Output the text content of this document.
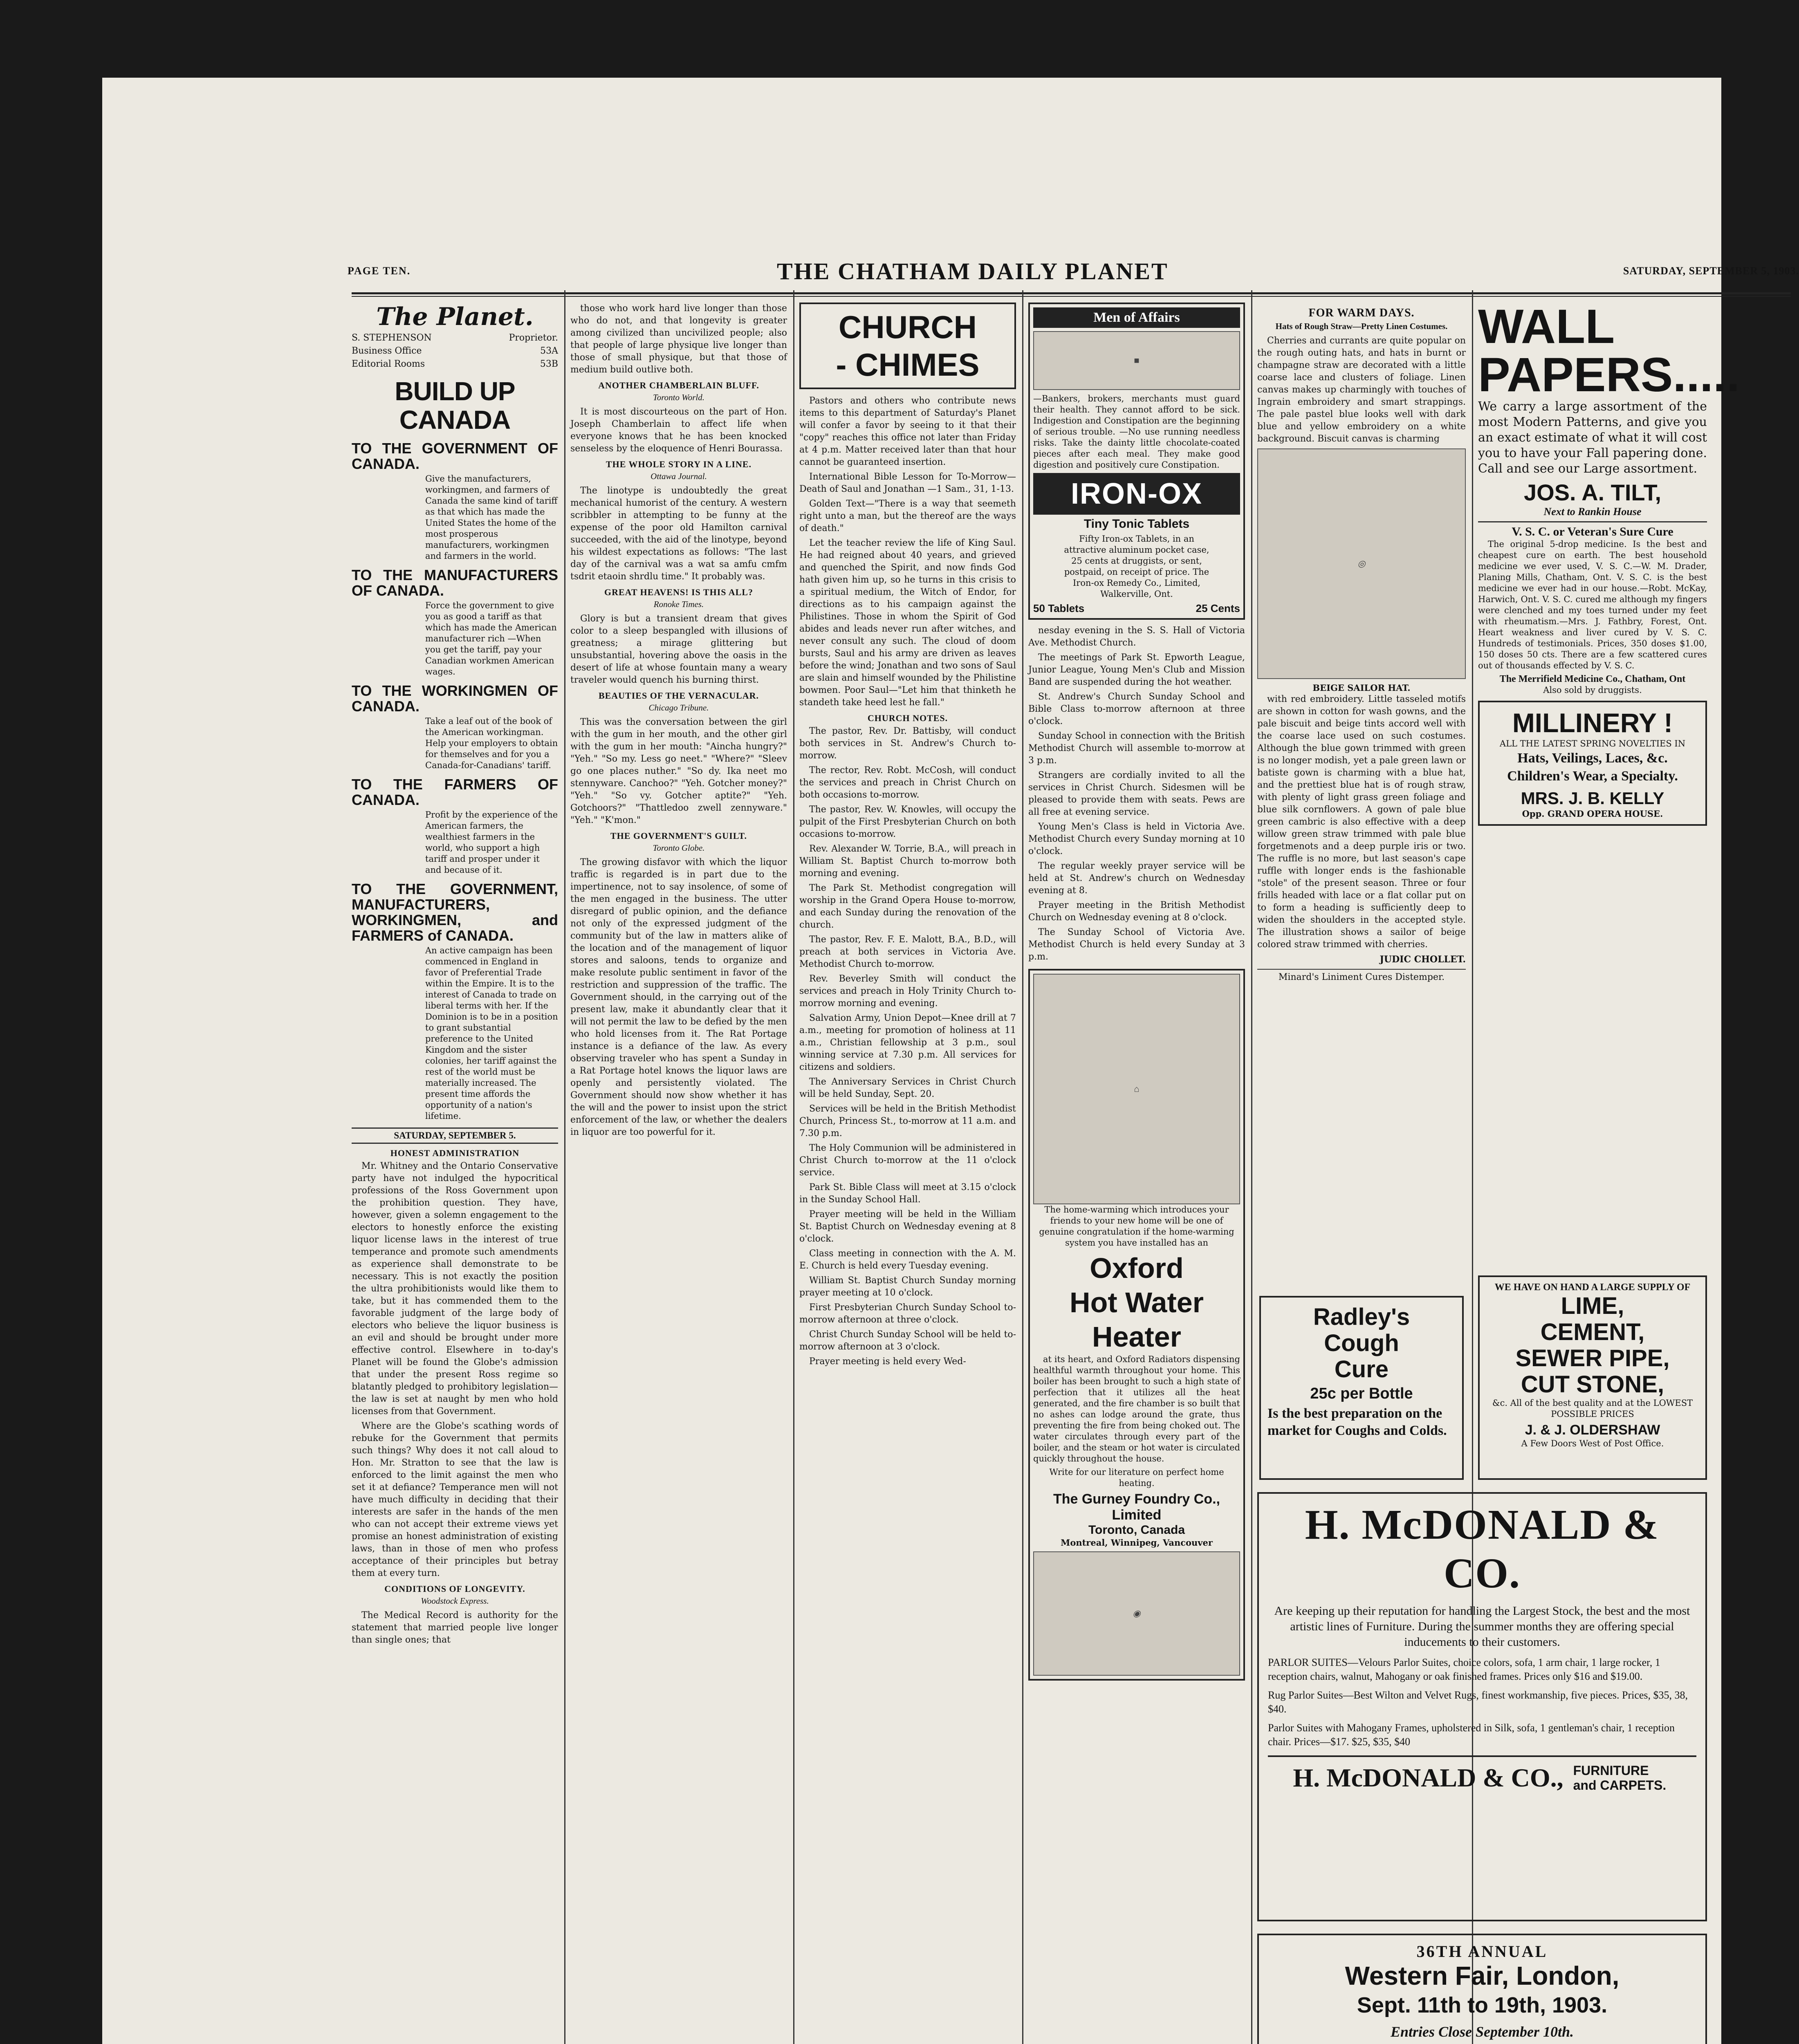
PAGE TEN.	THE CHATHAM DAILY PLANET	SATURDAY, SEPTEMBER 5, 1903.
The Planet.
S. STEPHENSON	Proprietor.
Business Office	53A
Editorial Rooms	53B
BUILD UP CANADA
TO THE GOVERNMENT OF CANADA.

Give the manufacturers, workingmen, and farmers of Canada the same kind of tariff as that which has made the United States the home of the most prosperous manufacturers, workingmen and farmers in the world.

TO THE MANUFACTURERS OF CANADA.

Force the government to give you as good a tariff as that which has made the American manufacturer rich —When you get the tariff, pay your Canadian workmen American wages.

TO THE WORKINGMEN OF CANADA.

Take a leaf out of the book of the American workingman. Help your employers to obtain for themselves and for you a Canada-for-Canadians' tariff.

TO THE FARMERS OF CANADA.

Profit by the experience of the American farmers, the wealthiest farmers in the world, who support a high tariff and prosper under it and because of it.

TO THE GOVERNMENT, MANUFACTURERS, WORKINGMEN, and FARMERS of CANADA.

An active campaign has been commenced in England in favor of Preferential Trade within the Empire. It is to the interest of Canada to trade on liberal terms with her. If the Dominion is to be in a position to grant substantial preference to the United Kingdom and the sister colonies, her tariff against the rest of the world must be materially increased. The present time affords the opportunity of a nation's lifetime.

SATURDAY, SEPTEMBER 5.
HONEST ADMINISTRATION

Mr. Whitney and the Ontario Conservative party have not indulged the hypocritical professions of the Ross Government upon the prohibition question. They have, however, given a solemn engagement to the electors to honestly enforce the existing liquor license laws in the interest of true temperance and promote such amendments as experience shall demonstrate to be necessary. This is not exactly the position the ultra prohibitionists would like them to take, but it has commended them to the favorable judgment of the large body of electors who believe the liquor business is an evil and should be brought under more effective control. Elsewhere in to-day's Planet will be found the Globe's admission that under the present Ross regime so blatantly pledged to prohibitory legislation—the law is set at naught by men who hold licenses from that Government.

Where are the Globe's scathing words of rebuke for the Government that permits such things? Why does it not call aloud to Hon. Mr. Stratton to see that the law is enforced to the limit against the men who set it at defiance? Temperance men will not have much difficulty in deciding that their interests are safer in the hands of the men who can not accept their extreme views yet promise an honest administration of existing laws, than in those of men who profess acceptance of their principles but betray them at every turn.

CONDITIONS OF LONGEVITY.
Woodstock Express.

The Medical Record is authority for the statement that married people live longer than single ones; that

those who work hard live longer than those who do not, and that longevity is greater among civilized than uncivilized people; also that people of large physique live longer than those of small physique, but that those of medium build outlive both.

ANOTHER CHAMBERLAIN BLUFF.
Toronto World.

It is most discourteous on the part of Hon. Joseph Chamberlain to affect life when everyone knows that he has been knocked senseless by the eloquence of Henri Bourassa.

THE WHOLE STORY IN A LINE.
Ottawa Journal.

The linotype is undoubtedly the great mechanical humorist of the century. A western scribbler in attempting to be funny at the expense of the poor old Hamilton carnival succeeded, with the aid of the linotype, beyond his wildest expectations as follows: "The last day of the carnival was a wat sa amfu cmfm tsdrit etaoin shrdlu time." It probably was.

GREAT HEAVENS! IS THIS ALL?
Ronoke Times.

Glory is but a transient dream that gives color to a sleep bespangled with illusions of greatness; a mirage glittering but unsubstantial, hovering above the oasis in the desert of life at whose fountain many a weary traveler would quench his burning thirst.

BEAUTIES OF THE VERNACULAR.
Chicago Tribune.

This was the conversation between the girl with the gum in her mouth, and the other girl with the gum in her mouth: "Aincha hungry?" "Yeh." "So my. Less go neet." "Where?" "Sleev go one places nuther." "So dy. Ika neet mo stennyware. Canchoo?" "Yeh. Gotcher money?" "Yeh." "So vy. Gotcher aptite?" "Yeh. Gotchoors?" "Thattledoo zwell zennyware." "Yeh." "K'mon."

THE GOVERNMENT'S GUILT.
Toronto Globe.

The growing disfavor with which the liquor traffic is regarded is in part due to the impertinence, not to say insolence, of some of the men engaged in the business. The utter disregard of public opinion, and the defiance not only of the expressed judgment of the community but of the law in matters alike of the location and of the management of liquor stores and saloons, tends to organize and make resolute public sentiment in favor of the restriction and suppression of the traffic. The Government should, in the carrying out of the present law, make it abundantly clear that it will not permit the law to be defied by the men who hold licenses from it. The Rat Portage instance is a defiance of the law. As every observing traveler who has spent a Sunday in a Rat Portage hotel knows the liquor laws are openly and persistently violated. The Government should now show whether it has the will and the power to insist upon the strict enforcement of the law, or whether the dealers in liquor are too powerful for it.

CHURCH
- CHIMES

Pastors and others who contribute news items to this department of Saturday's Planet will confer a favor by seeing to it that their "copy" reaches this office not later than Friday at 4 p.m. Matter received later than that hour cannot be guaranteed insertion.

International Bible Lesson for To-Morrow—Death of Saul and Jonathan —1 Sam., 31, 1-13.

Golden Text—"There is a way that seemeth right unto a man, but the thereof are the ways of death."

Let the teacher review the life of King Saul. He had reigned about 40 years, and grieved and quenched the Spirit, and now finds God hath given him up, so he turns in this crisis to a spiritual medium, the Witch of Endor, for directions as to his campaign against the Philistines. Those in whom the Spirit of God abides and leads never run after witches, and never consult any such. The cloud of doom bursts, Saul and his army are driven as leaves before the wind; Jonathan and two sons of Saul are slain and himself wounded by the Philistine bowmen. Poor Saul—"Let him that thinketh he standeth take heed lest he fall."

CHURCH NOTES.

The pastor, Rev. Dr. Battisby, will conduct both services in St. Andrew's Church to-morrow.

The rector, Rev. Robt. McCosh, will conduct the services and preach in Christ Church on both occasions to-morrow.

The pastor, Rev. W. Knowles, will occupy the pulpit of the First Presbyterian Church on both occasions to-morrow.

Rev. Alexander W. Torrie, B.A., will preach in William St. Baptist Church to-morrow both morning and evening.

The Park St. Methodist congregation will worship in the Grand Opera House to-morrow, and each Sunday during the renovation of the church.

The pastor, Rev. F. E. Malott, B.A., B.D., will preach at both services in Victoria Ave. Methodist Church to-morrow.

Rev. Beverley Smith will conduct the services and preach in Holy Trinity Church to-morrow morning and evening.

Salvation Army, Union Depot—Knee drill at 7 a.m., meeting for promotion of holiness at 11 a.m., Christian fellowship at 3 p.m., soul winning service at 7.30 p.m. All services for citizens and soldiers.

The Anniversary Services in Christ Church will be held Sunday, Sept. 20.

Services will be held in the British Methodist Church, Princess St., to-morrow at 11 a.m. and 7.30 p.m.

The Holy Communion will be administered in Christ Church to-morrow at the 11 o'clock service.

Park St. Bible Class will meet at 3.15 o'clock in the Sunday School Hall.

Prayer meeting will be held in the William St. Baptist Church on Wednesday evening at 8 o'clock.

Class meeting in connection with the A. M. E. Church is held every Tuesday evening.

William St. Baptist Church Sunday morning prayer meeting at 10 o'clock.

First Presbyterian Church Sunday School to-morrow afternoon at three o'clock.

Christ Church Sunday School will be held to-morrow afternoon at 3 o'clock.

Prayer meeting is held every Wed-

Men of Affairs
■

—Bankers, brokers, merchants must guard their health. They cannot afford to be sick. Indigestion and Constipation are the beginning of serious trouble. —No use running needless risks. Take the dainty little chocolate-coated pieces after each meal. They make good digestion and positively cure Constipation.

IRON-OX
Tiny Tonic Tablets

Fifty Iron-ox Tablets, in an attractive aluminum pocket case, 25 cents at druggists, or sent, postpaid, on receipt of price. The Iron-ox Remedy Co., Limited, Walkerville, Ont.

50 Tablets	25 Cents

nesday evening in the S. S. Hall of Victoria Ave. Methodist Church.

The meetings of Park St. Epworth League, Junior League, Young Men's Club and Mission Band are suspended during the hot weather.

St. Andrew's Church Sunday School and Bible Class to-morrow afternoon at three o'clock.

Sunday School in connection with the British Methodist Church will assemble to-morrow at 3 p.m.

Strangers are cordially invited to all the services in Christ Church. Sidesmen will be pleased to provide them with seats. Pews are all free at evening service.

Young Men's Class is held in Victoria Ave. Methodist Church every Sunday morning at 10 o'clock.

The regular weekly prayer service will be held at St. Andrew's church on Wednesday evening at 8.

Prayer meeting in the British Methodist Church on Wednesday evening at 8 o'clock.

The Sunday School of Victoria Ave. Methodist Church is held every Sunday at 3 p.m.

⌂

The home-warming which introduces your friends to your new home will be one of genuine congratulation if the home-warming system you have installed has an

Oxford
Hot Water
Heater

at its heart, and Oxford Radiators dispensing healthful warmth throughout your home. This boiler has been brought to such a high state of perfection that it utilizes all the heat generated, and the fire chamber is so built that no ashes can lodge around the grate, thus preventing the fire from being choked out. The water circulates through every part of the boiler, and the steam or hot water is circulated quickly throughout the house.

Write for our literature on perfect home heating.

The Gurney Foundry Co., Limited
Toronto, Canada
Montreal, Winnipeg, Vancouver
◉
FOR WARM DAYS.
Hats of Rough Straw—Pretty Linen Costumes.

Cherries and currants are quite popular on the rough outing hats, and hats in burnt or champagne straw are decorated with a little coarse lace and clusters of foliage. Linen canvas makes up charmingly with touches of Ingrain embroidery and smart strappings. The pale pastel blue looks well with dark blue and yellow embroidery on a white background. Biscuit canvas is charming

◎
BEIGE SAILOR HAT.

with red embroidery. Little tasseled motifs are shown in cotton for wash gowns, and the pale biscuit and beige tints accord well with the coarse lace used on such costumes. Although the blue gown trimmed with green is no longer modish, yet a pale green lawn or batiste gown is charming with a blue hat, and the prettiest blue hat is of rough straw, with plenty of light grass green foliage and blue silk cornflowers. A gown of pale blue green cambric is also effective with a deep willow green straw trimmed with pale blue forgetmenots and a deep purple iris or two. The ruffle is no more, but last season's cape ruffle with longer ends is the fashionable "stole" of the present season. Three or four frills headed with lace or a flat collar put on to form a heading is sufficiently deep to widen the shoulders in the accepted style. The illustration shows a sailor of beige colored straw trimmed with cherries.

JUDIC CHOLLET.
Minard's Liniment Cures Distemper.
Radley's
Cough
Cure
25c per Bottle
Is the best preparation on the market for Coughs and Colds.
WALL
PAPERS.....

We carry a large assortment of the most Modern Patterns, and give you an exact estimate of what it will cost you to have your Fall papering done. Call and see our Large assortment.

JOS. A. TILT,
Next to Rankin House
V. S. C. or Veteran's Sure Cure

The original 5-drop medicine. Is the best and cheapest cure on earth. The best household medicine we ever used, V. S. C.—W. M. Drader, Planing Mills, Chatham, Ont. V. S. C. is the best medicine we ever had in our house.—Robt. McKay, Harwich, Ont. V. S. C. cured me although my fingers were clenched and my toes turned under my feet with rheumatism.—Mrs. J. Fathbry, Forest, Ont. Heart weakness and liver cured by V. S. C. Hundreds of testimonials. Prices, 350 doses $1.00, 150 doses 50 cts. There are a few scattered cures out of thousands effected by V. S. C.

The Merrifield Medicine Co., Chatham, Ont
Also sold by druggists.
MILLINERY !
ALL THE LATEST SPRING NOVELTIES IN
Hats, Veilings, Laces, &c. Children's Wear, a Specialty.
MRS. J. B. KELLY
Opp. GRAND OPERA HOUSE.
WE HAVE ON HAND A LARGE SUPPLY OF
LIME,
CEMENT,
SEWER PIPE,
CUT STONE,
&c. All of the best quality and at the LOWEST POSSIBLE PRICES
J. & J. OLDERSHAW
A Few Doors West of Post Office.
H. McDONALD & CO.
Are keeping up their reputation for handling the Largest Stock, the best and the most artistic lines of Furniture. During the summer months they are offering special inducements to their customers.
PARLOR SUITES—Velours Parlor Suites, choice colors, sofa, 1 arm chair, 1 large rocker, 1 reception chairs, walnut, Mahogany or oak finished frames. Prices only $16 and $19.00.
Rug Parlor Suites—Best Wilton and Velvet Rugs, finest workmanship, five pieces. Prices, $35, 38, $40.
Parlor Suites with Mahogany Frames, upholstered in Silk, sofa, 1 gentleman's chair, 1 reception chair. Prices—$17. $25, $35, $40
H. McDONALD & CO., FURNITURE and CARPETS.
36TH ANNUAL
Western Fair, London,
Sept. 11th to 19th, 1903.
Entries Close September 10th.
